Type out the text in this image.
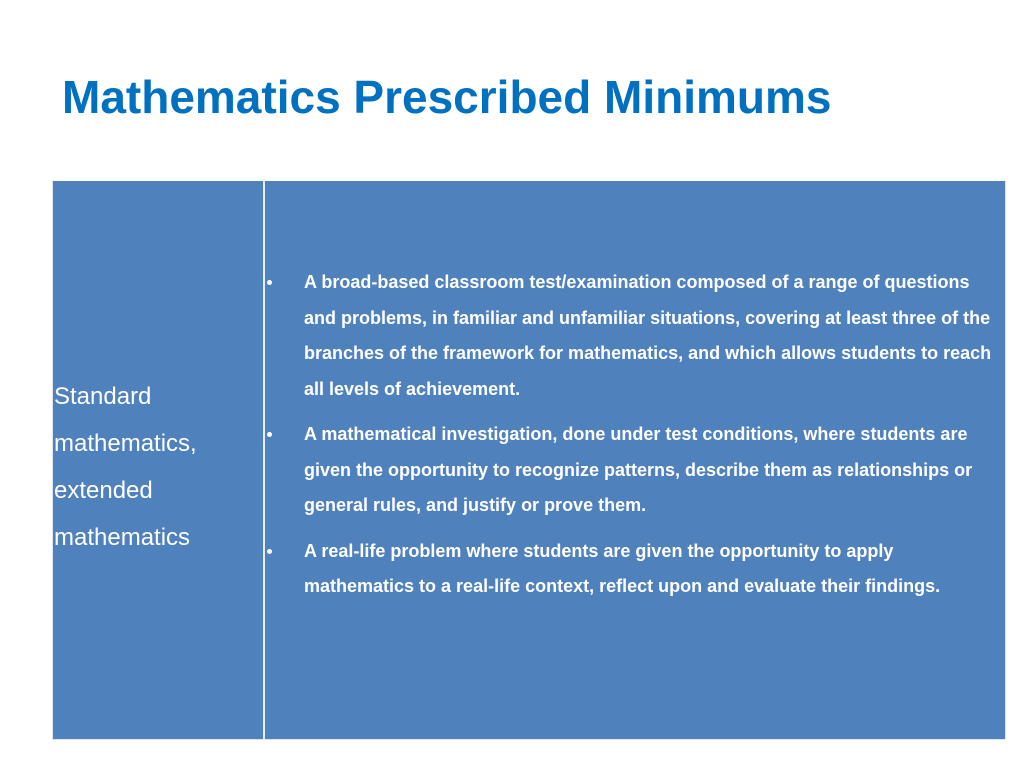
Mathematics Prescribed Minimums

Standard mathematics, extended mathematics

A broad-based classroom test/examination composed of a range of questions and problems, in familiar and unfamiliar situations, covering at least three of the branches of the framework for mathematics, and which allows students to reach all levels of achievement.
A mathematical investigation, done under test conditions, where students are given the opportunity to recognize patterns, describe them as relationships or general rules, and justify or prove them.
A real-life problem where students are given the opportunity to apply mathematics to a real-life context, reflect upon and evaluate their findings.
